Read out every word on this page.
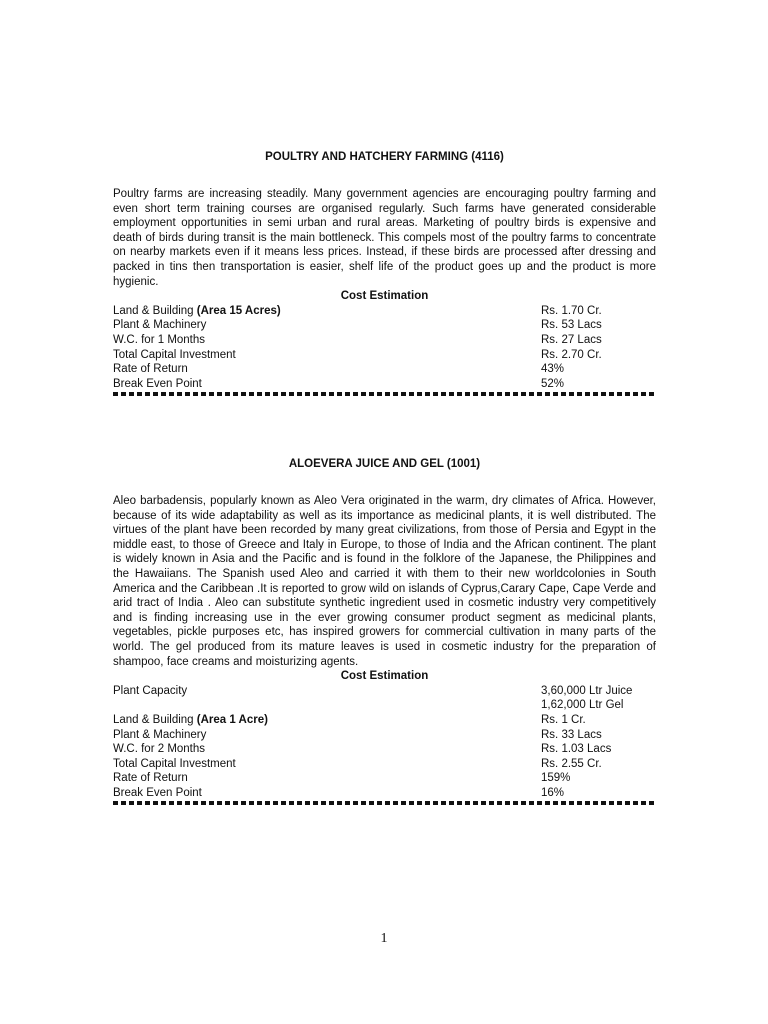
POULTRY AND HATCHERY FARMING (4116)

Poultry farms are increasing steadily. Many government agencies are encouraging poultry farming and even short term training courses are organised regularly. Such farms have generated considerable employment opportunities in semi urban and rural areas. Marketing of poultry birds is expensive and death of birds during transit is the main bottleneck. This compels most of the poultry farms to concentrate on nearby markets even if it means less prices. Instead, if these birds are processed after dressing and packed in tins then transportation is easier, shelf life of the product goes up and the product is more hygienic.

Cost Estimation
Land & Building (Area 15 Acres)	Rs. 1.70 Cr.
Plant & Machinery	Rs. 53 Lacs
W.C. for 1 Months	Rs. 27 Lacs
Total Capital Investment	Rs. 2.70 Cr.
Rate of Return	43%
Break Even Point	52%
ALOEVERA JUICE AND GEL (1001)

Aleo barbadensis, popularly known as Aleo Vera originated in the warm, dry climates of Africa. However, because of its wide adaptability as well as its importance as medicinal plants, it is well distributed. The virtues of the plant have been recorded by many great civilizations, from those of Persia and Egypt in the middle east, to those of Greece and Italy in Europe, to those of India and the African continent. The plant is widely known in Asia and the Pacific and is found in the folklore of the Japanese, the Philippines and the Hawaiians. The Spanish used Aleo and carried it with them to their new worldcolonies in South America and the Caribbean .It is reported to grow wild on islands of Cyprus,Carary Cape, Cape Verde and arid tract of India . Aleo can substitute synthetic ingredient used in cosmetic industry very competitively and is finding increasing use in the ever growing consumer product segment as medicinal plants, vegetables, pickle purposes etc, has inspired growers for commercial cultivation in many parts of the world. The gel produced from its mature leaves is used in cosmetic industry for the preparation of shampoo, face creams and moisturizing agents.

Cost Estimation
Plant Capacity	3,60,000 Ltr Juice
1,62,000 Ltr Gel
Land & Building (Area 1 Acre)	Rs. 1 Cr.
Plant & Machinery	Rs. 33 Lacs
W.C. for 2 Months	Rs. 1.03 Lacs
Total Capital Investment	Rs. 2.55 Cr.
Rate of Return	159%
Break Even Point	16%
1
